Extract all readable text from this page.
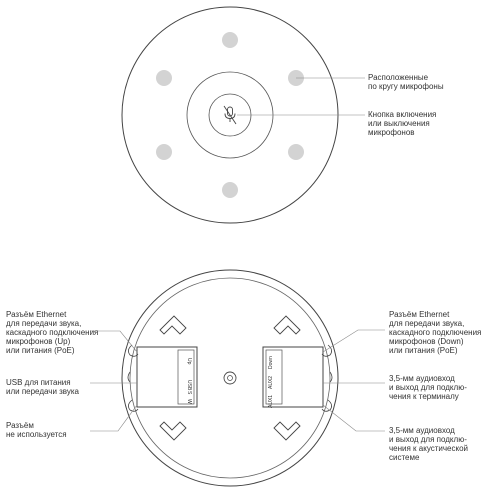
Up
USB
S
W
Down
AUX2
AUX1
Расположенные
по кругу микрофоны
Кнопка включения
или выключения
микрофонов
Разъём Ethernet
для передачи звука,
каскадного подключения
микрофонов (Up)
или питания (PoE)
USB для питания
или передачи звука
Разъём
не используется
Разъём Ethernet
для передачи звука,
каскадного подключения
микрофонов (Down)
или питания (PoE)
3,5-мм аудиовход
и выход для подклю-
чения к терминалу
3,5-мм аудиовход
и выход для подклю-
чения к акустической
системе
